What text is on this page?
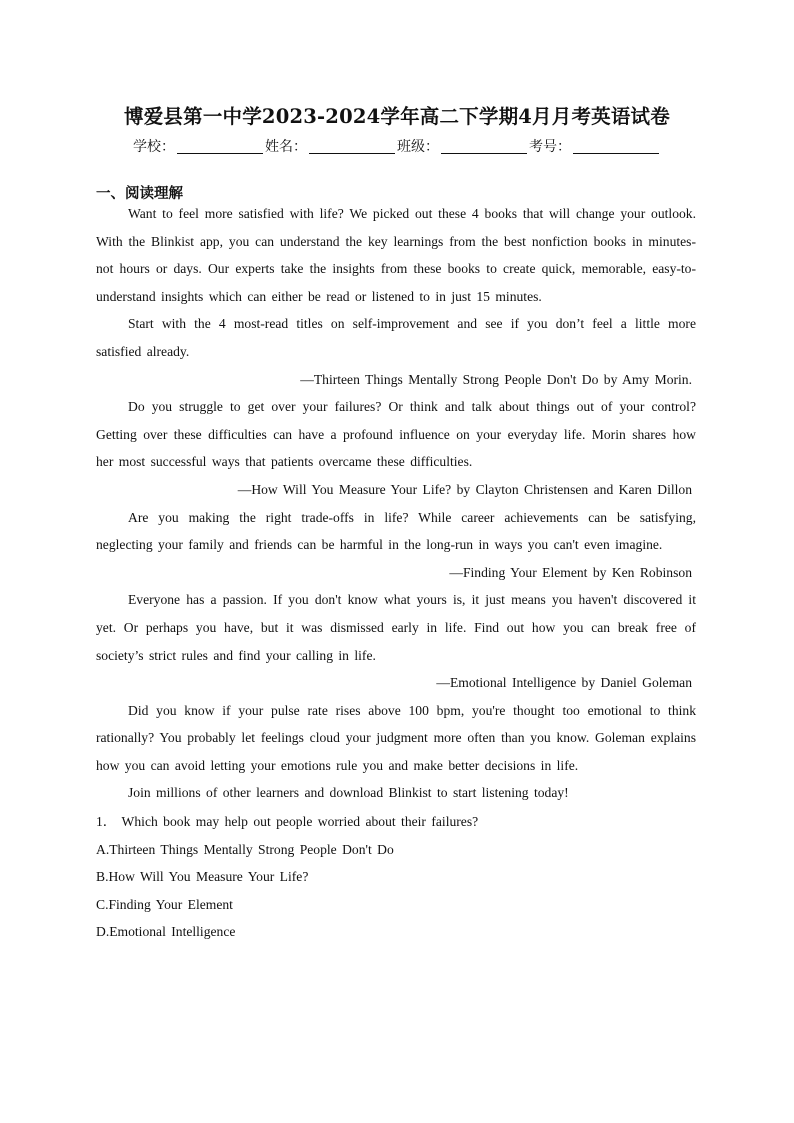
博爱县第一中学2023-2024学年高二下学期4月月考英语试卷
学校：	姓名：	班级：	考号：
一、阅读理解

Want to feel more satisfied with life? We picked out these 4 books that will change your outlook. With the Blinkist app, you can understand the key learnings from the best nonfiction books in minutes-not hours or days. Our experts take the insights from these books to create quick, memorable, easy-to-understand insights which can either be read or listened to in just 15 minutes.

Start with the 4 most-read titles on self-improvement and see if you don’t feel a little more satisfied already.

—Thirteen Things Mentally Strong People Don't Do by Amy Morin.

Do you struggle to get over your failures? Or think and talk about things out of your control? Getting over these difficulties can have a profound influence on your everyday life. Morin shares how her most successful ways that patients overcame these difficulties.

—How Will You Measure Your Life? by Clayton Christensen and Karen Dillon

Are you making the right trade-offs in life? While career achievements can be satisfying, neglecting your family and friends can be harmful in the long-run in ways you can't even imagine.

—Finding Your Element by Ken Robinson

Everyone has a passion. If you don't know what yours is, it just means you haven't discovered it yet. Or perhaps you have, but it was dismissed early in life. Find out how you can break free of society’s strict rules and find your calling in life.

—Emotional Intelligence by Daniel Goleman

Did you know if your pulse rate rises above 100 bpm, you're thought too emotional to think rationally? You probably let feelings cloud your judgment more often than you know. Goleman explains how you can avoid letting your emotions rule you and make better decisions in life.

Join millions of other learners and download Blinkist to start listening today!

1． Which book may help out people worried about their failures?

A.Thirteen Things Mentally Strong People Don't Do

B.How Will You Measure Your Life?

C.Finding Your Element

D.Emotional Intelligence
